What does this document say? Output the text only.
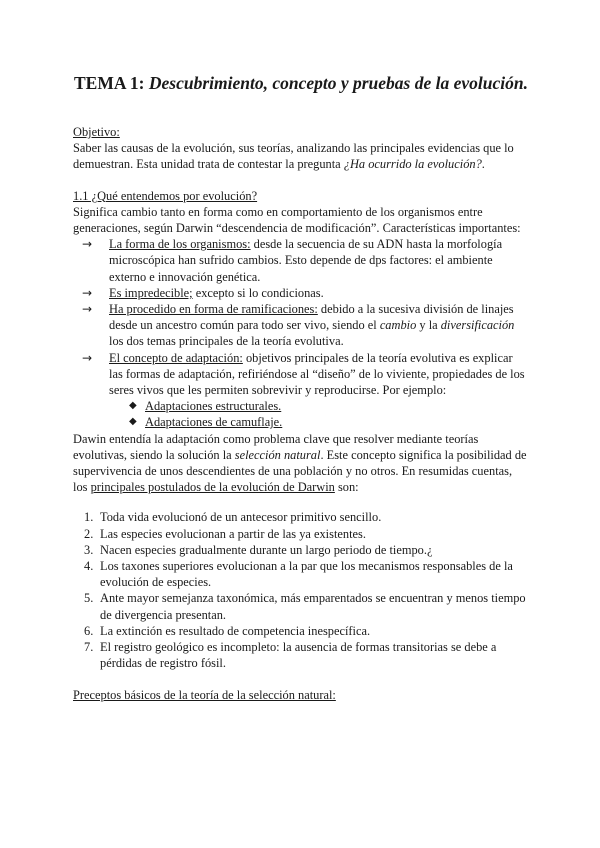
TEMA 1: Descubrimiento, concepto y pruebas de la evolución.

Objetivo:

Saber las causas de la evolución, sus teorías, analizando las principales evidencias que lo demuestran. Esta unidad trata de contestar la pregunta ¿Ha ocurrido la evolución?.

1.1 ¿Qué entendemos por evolución?

Significa cambio tanto en forma como en comportamiento de los organismos entre generaciones, según Darwin “descendencia de modificación”. Características importantes:

→ La forma de los organismos: desde la secuencia de su ADN hasta la morfología microscópica han sufrido cambios. Esto depende de dps factores: el ambiente externo e innovación genética.
→ Es impredecible; excepto si lo condicionas.
→ Ha procedido en forma de ramificaciones: debido a la sucesiva división de linajes desde un ancestro común para todo ser vivo, siendo el cambio y la diversificación los dos temas principales de la teoría evolutiva.
→ El concepto de adaptación: objetivos principales de la teoría evolutiva es explicar las formas de adaptación, refiriéndose al “diseño” de lo viviente, propiedades de los seres vivos que les permiten sobrevivir y reproducirse. Por ejemplo:
◆ Adaptaciones estructurales.
◆ Adaptaciones de camuflaje.

Dawin entendía la adaptación como problema clave que resolver mediante teorías evolutivas, siendo la solución la selección natural. Este concepto significa la posibilidad de supervivencia de unos descendientes de una población y no otros. En resumidas cuentas, los principales postulados de la evolución de Darwin son:

1. Toda vida evolucionó de un antecesor primitivo sencillo.
2. Las especies evolucionan a partir de las ya existentes.
3. Nacen especies gradualmente durante un largo periodo de tiempo.¿
4. Los taxones superiores evolucionan a la par que los mecanismos responsables de la evolución de especies.
5. Ante mayor semejanza taxonómica, más emparentados se encuentran y menos tiempo de divergencia presentan.
6. La extinción es resultado de competencia inespecífica.
7. El registro geológico es incompleto: la ausencia de formas transitorias se debe a pérdidas de registro fósil.

Preceptos básicos de la teoría de la selección natural:
